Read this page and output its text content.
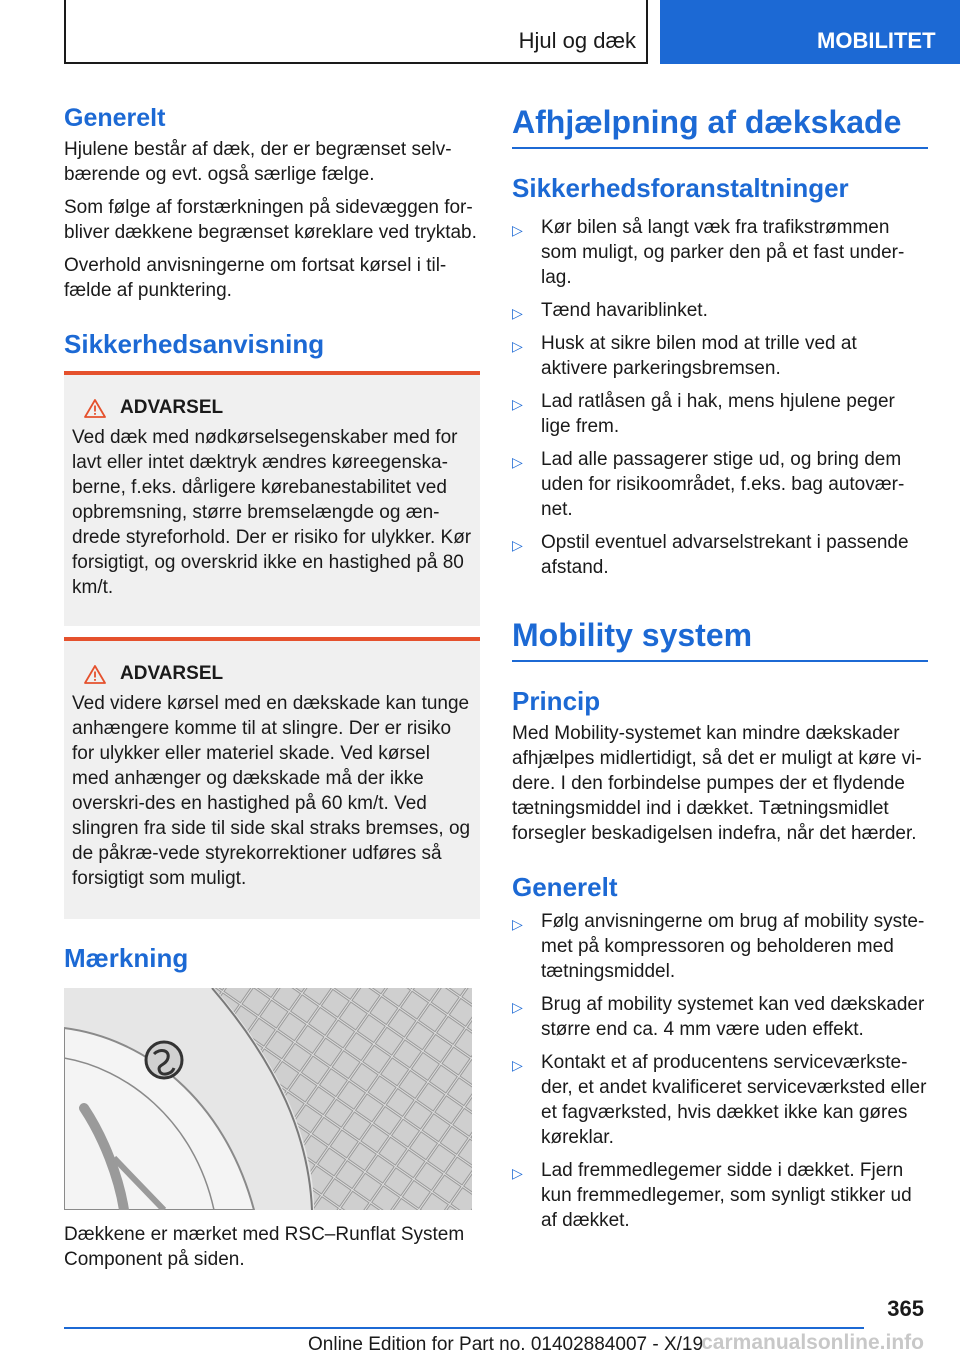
Hjul og dæk	MOBILITET
Generelt

Hjulene består af dæk, der er begrænset selv-bærende og evt. også særlige fælge.

Som følge af forstærkningen på sidevæggen for-bliver dækkene begrænset køreklare ved tryktab.

Overhold anvisningerne om fortsat kørsel i til-fælde af punktering.

Sikkerhedsanvisning
ADVARSEL

Ved dæk med nødkørselsegenskaber med for lavt eller intet dæktryk ændres køreegenska-berne, f.eks. dårligere kørebanestabilitet ved opbremsning, større bremselængde og æn-drede styreforhold. Der er risiko for ulykker. Kør forsigtigt, og overskrid ikke en hastighed på 80 km/t.

ADVARSEL

Ved videre kørsel med en dækskade kan tunge anhængere komme til at slingre. Der er risiko for ulykker eller materiel skade. Ved kørsel med anhænger og dækskade må der ikke overskri-des en hastighed på 60 km/t. Ved slingren fra side til side skal straks bremses, og de påkræ-vede styrekorrektioner udføres så forsigtigt som muligt.

Mærkning

Dækkene er mærket med RSC–Runflat System Component på siden.

Afhjælpning af dækskade
Sikkerhedsforanstaltninger
▷ Kør bilen så langt væk fra trafikstrømmen som muligt, og parker den på et fast under-lag.
▷ Tænd havariblinket.
▷ Husk at sikre bilen mod at trille ved at aktivere parkeringsbremsen.
▷ Lad ratlåsen gå i hak, mens hjulene peger lige frem.
▷ Lad alle passagerer stige ud, og bring dem uden for risikoområdet, f.eks. bag autovær-net.
▷ Opstil eventuel advarselstrekant i passende afstand.
Mobility system
Princip

Med Mobility-systemet kan mindre dækskader afhjælpes midlertidigt, så det er muligt at køre vi-dere. I den forbindelse pumpes der et flydende tætningsmiddel ind i dækket. Tætningsmidlet forsegler beskadigelsen indefra, når det hærder.

Generelt
▷ Følg anvisningerne om brug af mobility syste-met på kompressoren og beholderen med tætningsmiddel.
▷ Brug af mobility systemet kan ved dækskader større end ca. 4 mm være uden effekt.
▷ Kontakt et af producentens serviceværkste-der, et andet kvalificeret serviceværksted eller et fagværksted, hvis dækket ikke kan gøres køreklar.
▷ Lad fremmedlegemer sidde i dækket. Fjern kun fremmedlegemer, som synligt stikker ud af dækket.
365
Online Edition for Part no. 01402884007 - X/19
carmanualsonline.info
